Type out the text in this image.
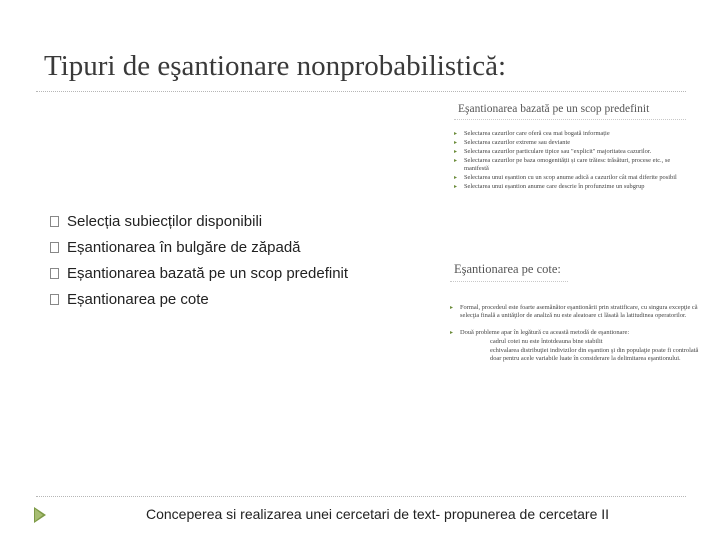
Tipuri de eşantionare nonprobabilistică:
Selecția subiecților disponibili
Eșantionarea în bulgăre de zăpadă
Eșantionarea bazată pe un scop predefinit
Eșantionarea pe cote
Eşantionarea bazată pe un scop predefinit
▸ Selectarea cazurilor care oferă cea mai bogată informație
▸ Selectarea cazurilor extreme sau deviante
▸ Selectarea cazurilor particulare tipice sau "explicit" majoritatea cazurilor.
▸ Selectarea cazurilor pe baza omogenității și care trăiesc trăsături, procese etc., se manifestă
▸ Selectarea unui eșantion cu un scop anume adică a cazurilor cât mai diferite posibil
▸ Selectarea unui eșantion anume care descrie în profunzime un subgrup
Eşantionarea pe cote:
▸ Formal, procedeul este foarte asemănător eşantionării prin stratificare, cu singura excepţie că selecţia finală a unităţilor de analiză nu este aleatoare ci lăsată la latitudinea operatorilor.
▸ Două probleme apar în legătură cu această metodă de eşantionare:
cadrul cotei nu este întotdeauna bine stabilit
echivalarea distribuţiei indivizilor din eşantion şi din populaţie poate fi controlată doar pentru acele variabile luate în considerare la delimitarea eşantionului.
Conceperea si realizarea unei cercetari de text- propunerea de cercetare II
